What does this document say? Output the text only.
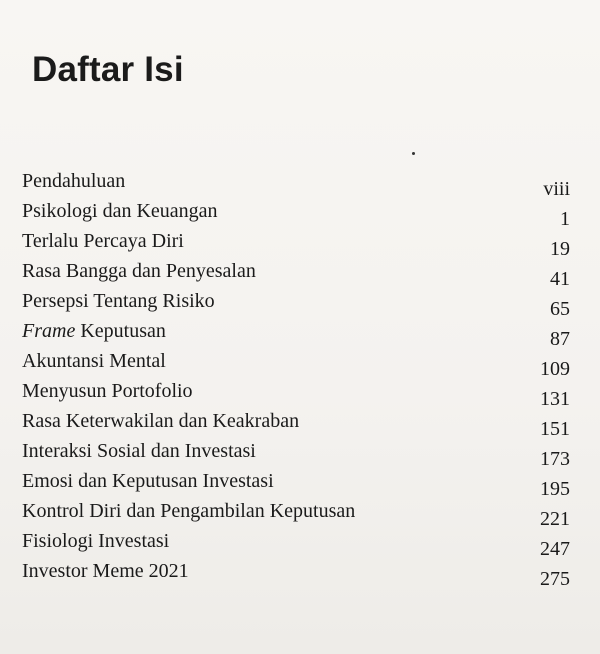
Daftar Isi
Pendahuluan	viii
Psikologi dan Keuangan	1
Terlalu Percaya Diri	19
Rasa Bangga dan Penyesalan	41
Persepsi Tentang Risiko	65
Frame Keputusan	87
Akuntansi Mental	109
Menyusun Portofolio	131
Rasa Keterwakilan dan Keakraban	151
Interaksi Sosial dan Investasi	173
Emosi dan Keputusan Investasi	195
Kontrol Diri dan Pengambilan Keputusan	221
Fisiologi Investasi	247
Investor Meme 2021	275
